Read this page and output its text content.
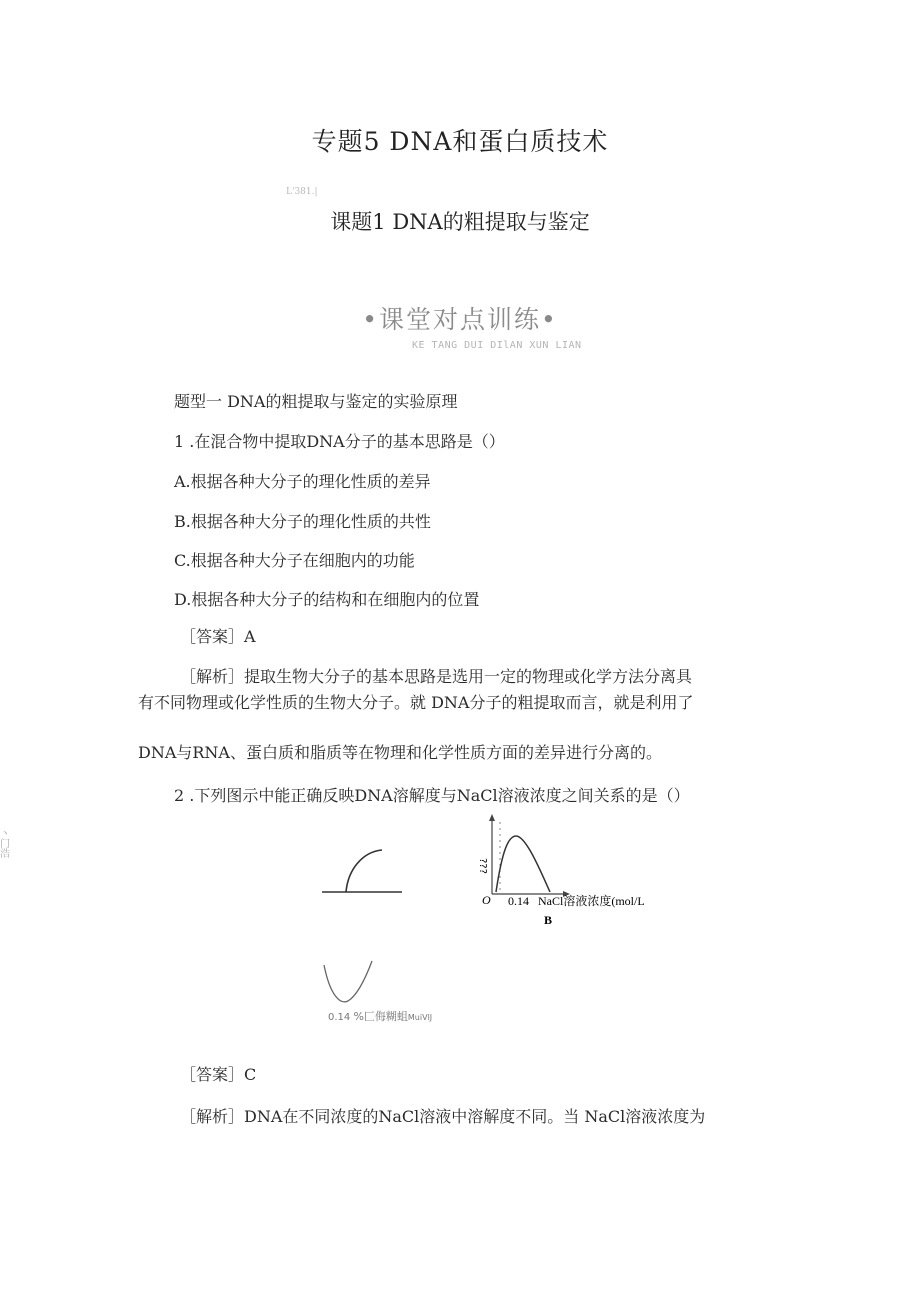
专题5 DNA和蛋白质技术
L'381.|
课题1 DNA的粗提取与鉴定
•课堂对点训练•
KE TANG DUI DIlAN XUN LIAN
题型一 DNA的粗提取与鉴定的实验原理
1 .在混合物中提取DNA分子的基本思路是（）
A.根据各种大分子的理化性质的差异
B.根据各种大分子的理化性质的共性
C.根据各种大分子在细胞内的功能
D.根据各种大分子的结构和在细胞内的位置
［答案］A
［解析］提取生物大分子的基本思路是选用一定的物理或化学方法分离具
有不同物理或化学性质的生物大分子。就 DNA分子的粗提取而言，就是利用了
DNA与RNA、蛋白质和脂质等在物理和化学性质方面的差异进行分离的。
2 .下列图示中能正确反映DNA溶解度与NaCl溶液浓度之间关系的是（）
丶门浩
???
O 0.14 NaCl溶液浓度(mol/L
B
0.14 %匚侮糊蛆MuiVlJ
［答案］C
［解析］DNA在不同浓度的NaCl溶液中溶解度不同。当 NaCl溶液浓度为
